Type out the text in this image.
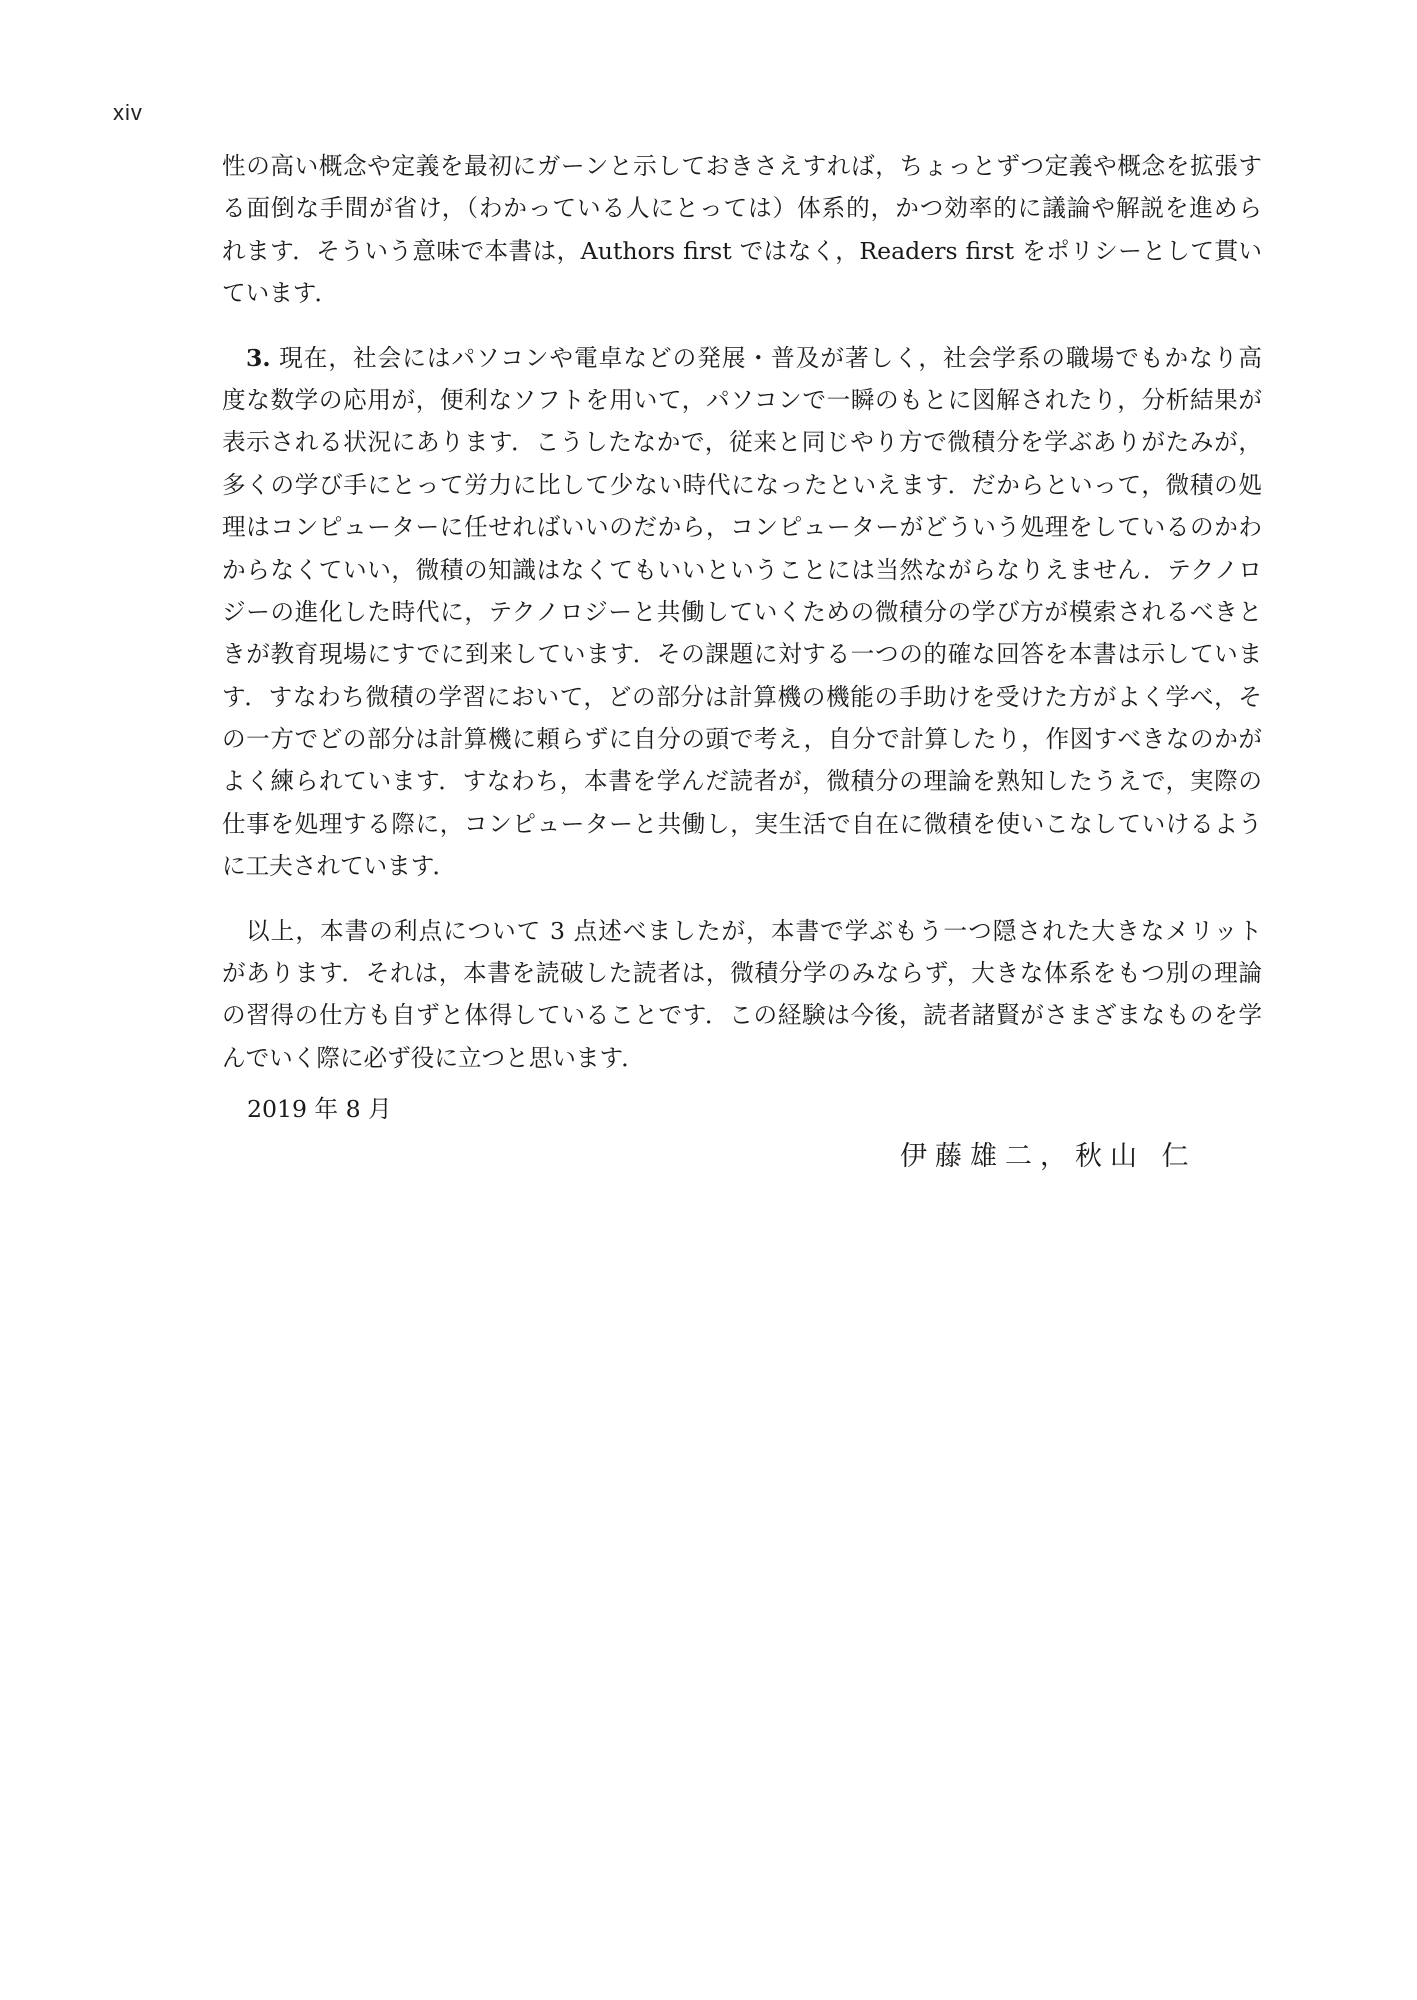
xiv
性の高い概念や定義を最初にガーンと示しておきさえすれば，ちょっとずつ定義や概念を拡張す
る面倒な手間が省け，（わかっている人にとっては）体系的，かつ効率的に議論や解説を進めら
れます．そういう意味で本書は，Authors first ではなく，Readers first をポリシーとして貫い
ています．
3. 現在，社会にはパソコンや電卓などの発展・普及が著しく，社会学系の職場でもかなり高
度な数学の応用が，便利なソフトを用いて，パソコンで一瞬のもとに図解されたり，分析結果が
表示される状況にあります．こうしたなかで，従来と同じやり方で微積分を学ぶありがたみが，
多くの学び手にとって労力に比して少ない時代になったといえます．だからといって，微積の処
理はコンピューターに任せればいいのだから，コンピューターがどういう処理をしているのかわ
からなくていい，微積の知識はなくてもいいということには当然ながらなりえません．テクノロ
ジーの進化した時代に，テクノロジーと共働していくための微積分の学び方が模索されるべきと
きが教育現場にすでに到来しています．その課題に対する一つの的確な回答を本書は示していま
す．すなわち微積の学習において，どの部分は計算機の機能の手助けを受けた方がよく学べ，そ
の一方でどの部分は計算機に頼らずに自分の頭で考え，自分で計算したり，作図すべきなのかが
よく練られています．すなわち，本書を学んだ読者が，微積分の理論を熟知したうえで，実際の
仕事を処理する際に，コンピューターと共働し，実生活で自在に微積を使いこなしていけるよう
に工夫されています．
以上，本書の利点について 3 点述べましたが，本書で学ぶもう一つ隠された大きなメリット
があります．それは，本書を読破した読者は，微積分学のみならず，大きな体系をもつ別の理論
の習得の仕方も自ずと体得していることです．この経験は今後，読者諸賢がさまざまなものを学
んでいく際に必ず役に立つと思います．
2019 年 8 月
伊藤雄二，秋山 仁
